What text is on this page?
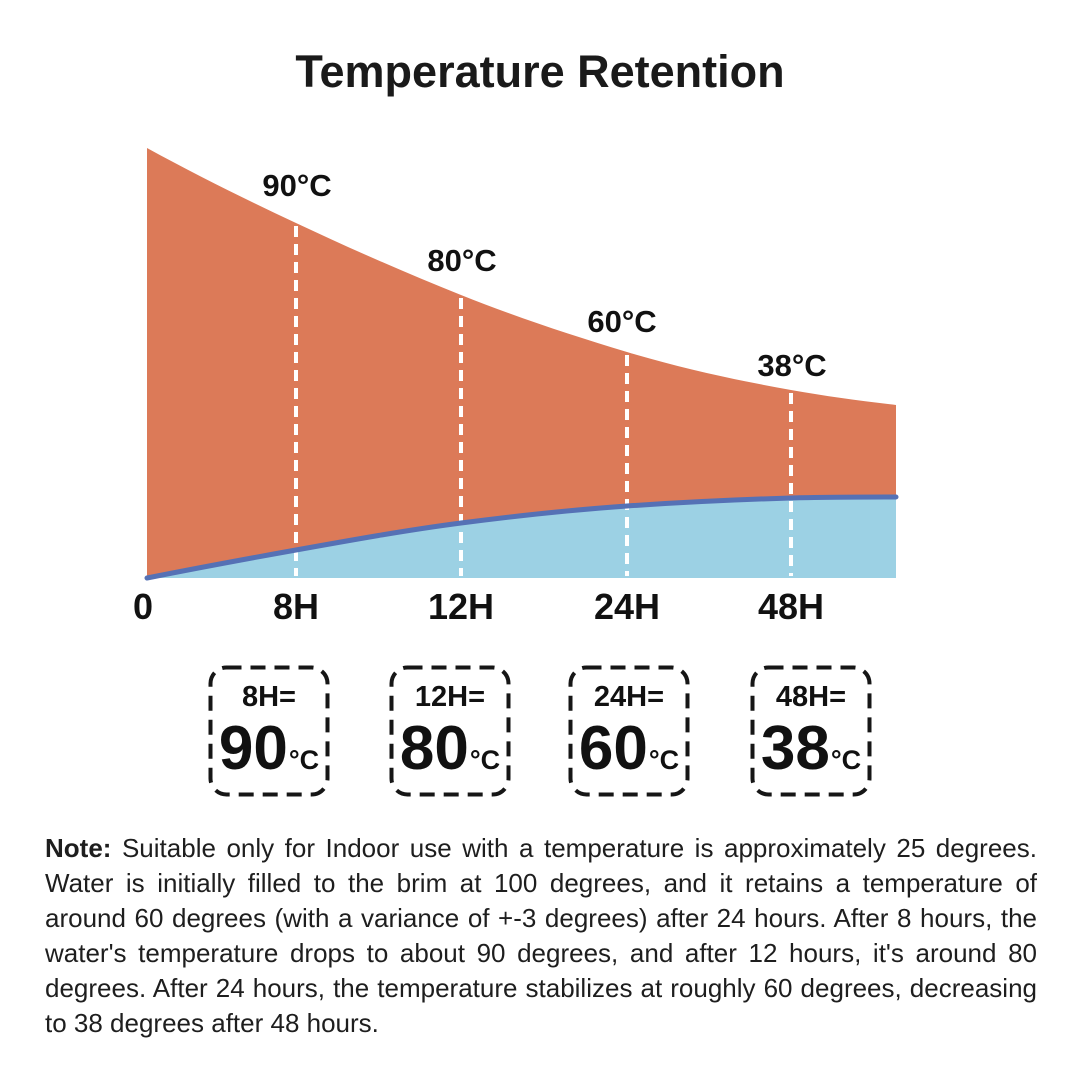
Temperature Retention
90°C
80°C
60°C
38°C
0	8H	12H	24H	48H
8H=
90 °C
12H=
80 °C
24H=
60 °C
48H=
38 °C
Note: Suitable only for Indoor use with a temperature is approximately 25 degrees. Water is initially filled to the brim at 100 degrees, and it retains a temperature of around 60 degrees (with a variance of +-3 degrees) after 24 hours. After 8 hours, the water's temperature drops to about 90 degrees, and after 12 hours, it's around 80 degrees. After 24 hours, the temperature stabilizes at roughly 60 degrees, decreasing to 38 degrees after 48 hours.
